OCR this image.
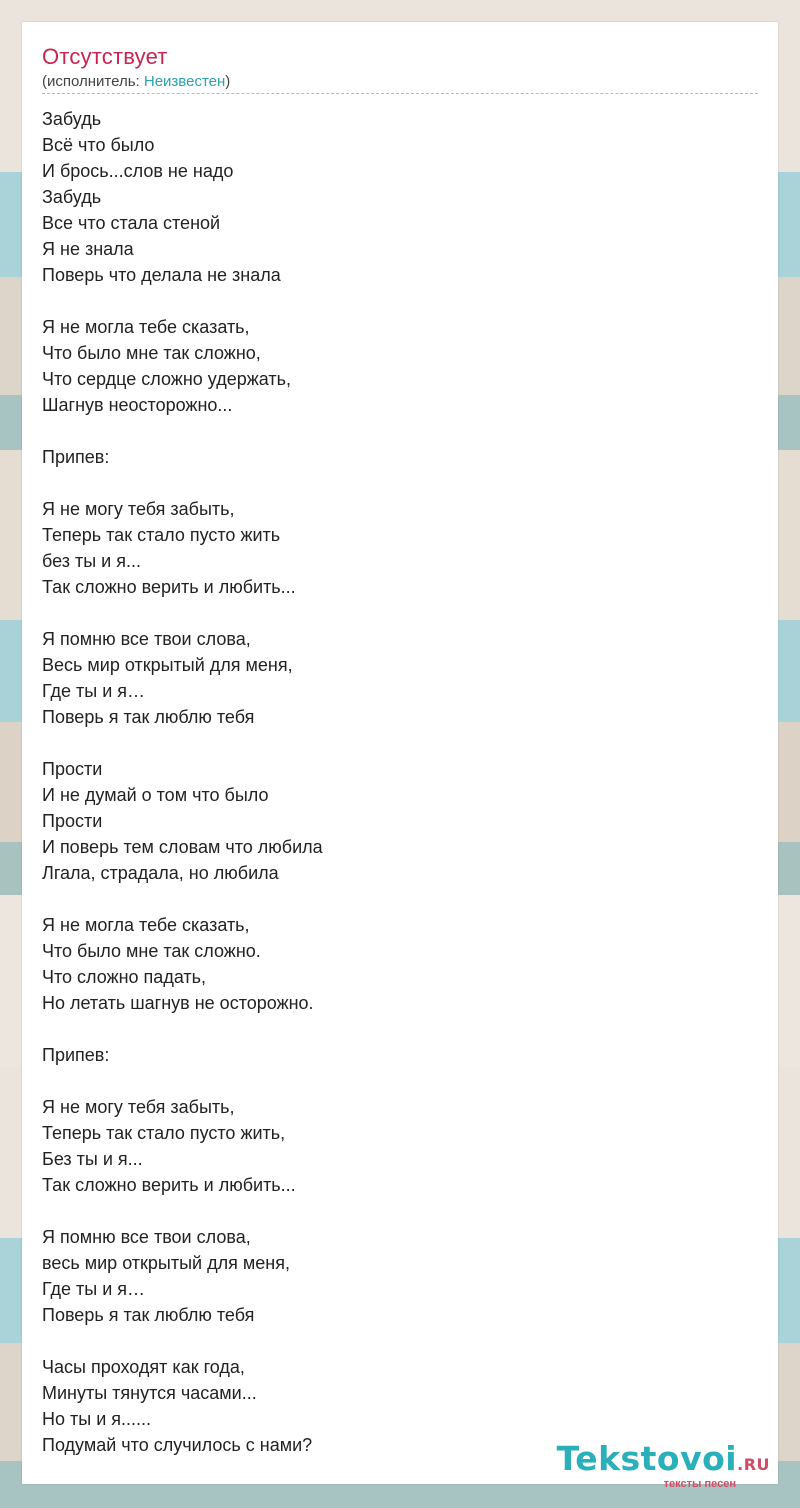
Отсутствует
(исполнитель: Неизвестен)
Забудь
Всё что было
И брось...слов не надо
Забудь
Все что стала стеной
Я не знала
Поверь что делала не знала
Я не могла тебе сказать,
Что было мне так сложно,
Что сердце сложно удержать,
Шагнув неосторожно...
Припев:
Я не могу тебя забыть,
Теперь так стало пусто жить
без ты и я...
Так сложно верить и любить...
Я помню все твои слова,
Весь мир открытый для меня,
Где ты и я…
Поверь я так люблю тебя
Прости
И не думай о том что было
Прости
И поверь тем словам что любила
Лгала, страдала, но любила
Я не могла тебе сказать,
Что было мне так сложно.
Что сложно падать,
Но летать шагнув не осторожно.
Припев:
Я не могу тебя забыть,
Теперь так стало пусто жить,
Без ты и я...
Так сложно верить и любить...
Я помню все твои слова,
весь мир открытый для меня,
Где ты и я…
Поверь я так люблю тебя
Часы проходят как года,
Минуты тянутся часами...
Но ты и я......
Подумай что случилось с нами?	Tekstovoi.RU
тексты песен
